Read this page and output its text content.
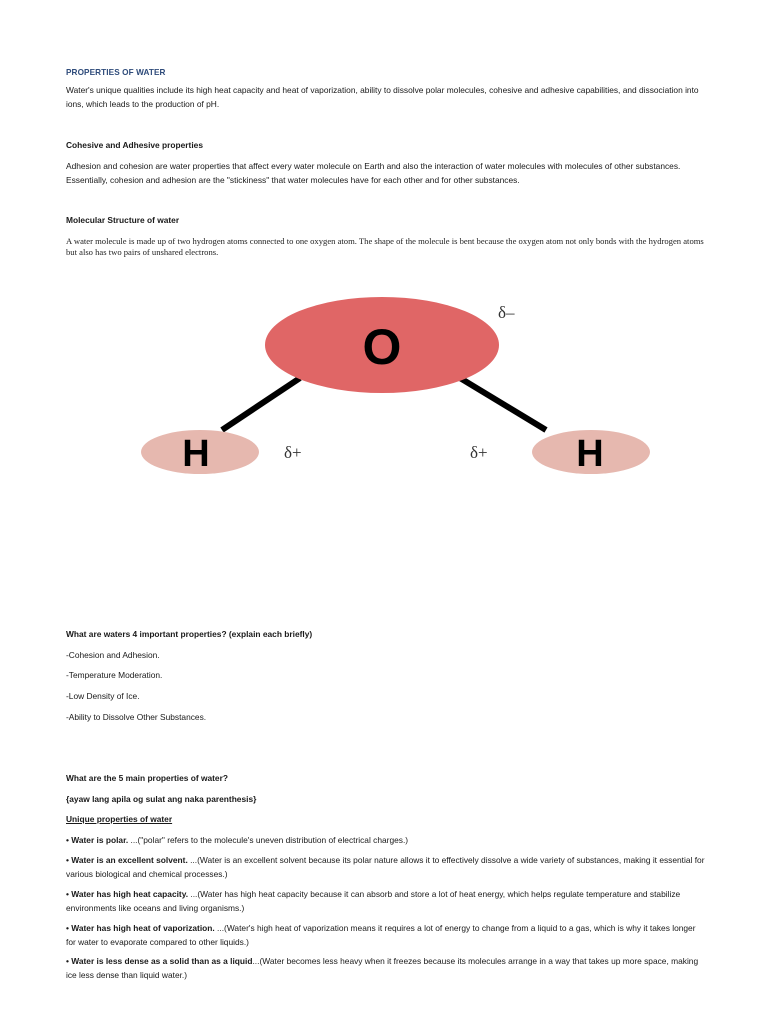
PROPERTIES OF WATER

Water's unique qualities include its high heat capacity and heat of vaporization, ability to dissolve polar molecules, cohesive and adhesive capabilities, and dissociation into ions, which leads to the production of pH.

Cohesive and Adhesive properties

Adhesion and cohesion are water properties that affect every water molecule on Earth and also the interaction of water molecules with molecules of other substances. Essentially, cohesion and adhesion are the "stickiness" that water molecules have for each other and for other substances.

Molecular Structure of water

A water molecule is made up of two hydrogen atoms connected to one oxygen atom. The shape of the molecule is bent because the oxygen atom not only bonds with the hydrogen atoms but also has two pairs of unshared electrons.

O
H	H
δ–
δ+	δ+

What are waters 4 important properties? (explain each briefly)

-Cohesion and Adhesion.

-Temperature Moderation.

-Low Density of Ice.

-Ability to Dissolve Other Substances.

What are the 5 main properties of water?

{ayaw lang apila og sulat ang naka parenthesis}

Unique properties of water

• Water is polar. ...("polar" refers to the molecule's uneven distribution of electrical charges.)

• Water is an excellent solvent. ...(Water is an excellent solvent because its polar nature allows it to effectively dissolve a wide variety of substances, making it essential for various biological and chemical processes.)

• Water has high heat capacity. ...(Water has high heat capacity because it can absorb and store a lot of heat energy, which helps regulate temperature and stabilize environments like oceans and living organisms.)

• Water has high heat of vaporization. ...(Water's high heat of vaporization means it requires a lot of energy to change from a liquid to a gas, which is why it takes longer for water to evaporate compared to other liquids.)

• Water is less dense as a solid than as a liquid...(Water becomes less heavy when it freezes because its molecules arrange in a way that takes up more space, making ice less dense than liquid water.)
